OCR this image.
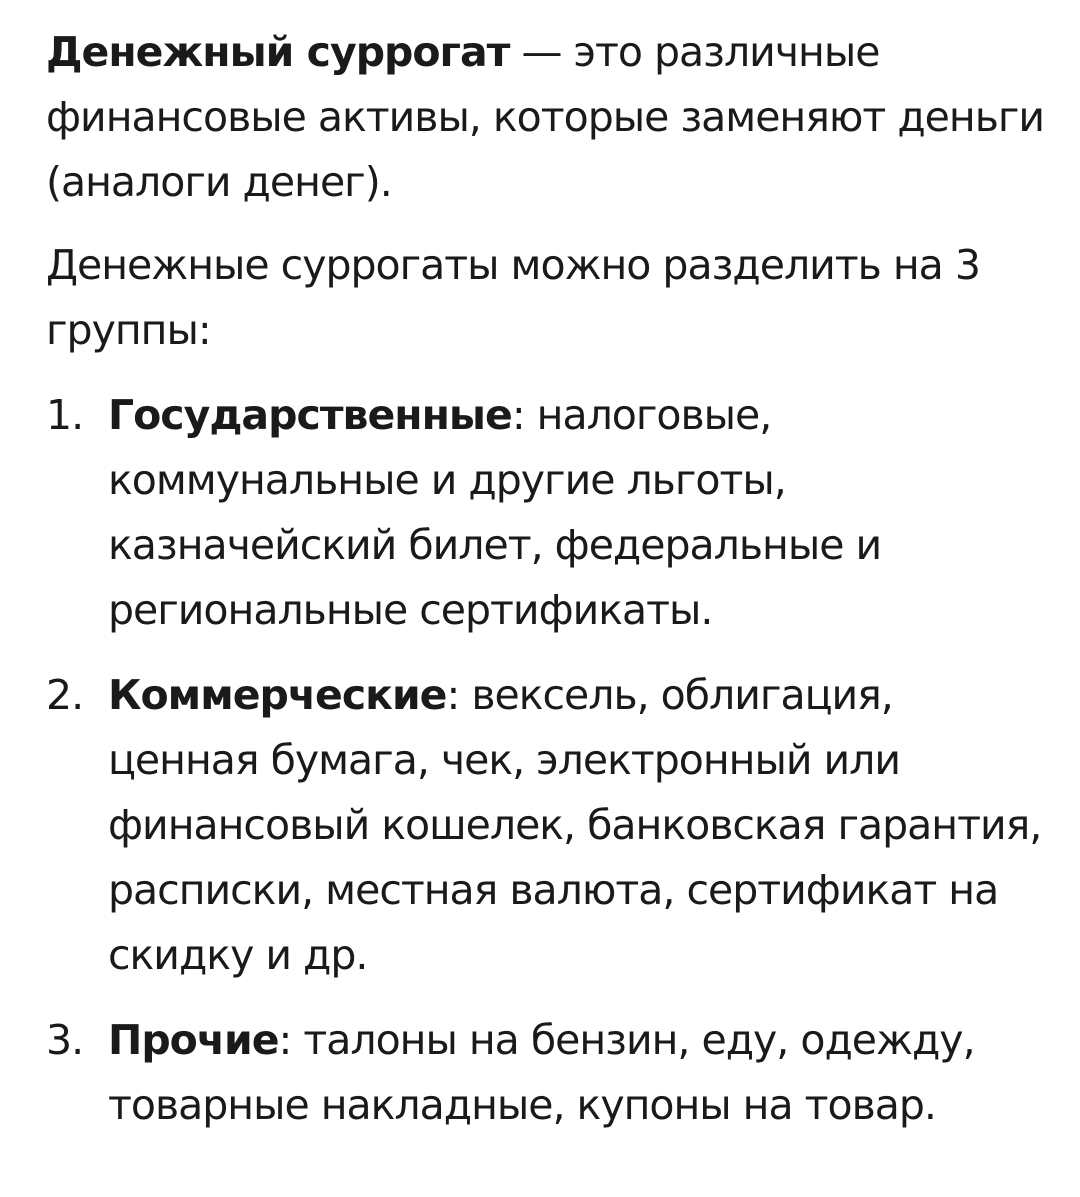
Денежный суррогат — это различные финансовые активы, которые заменяют деньги (аналоги денег).

Денежные суррогаты можно разделить на 3 группы:

1. Государственные: налоговые, коммунальные и другие льготы, казначейский билет, федеральные и региональные сертификаты.
2. Коммерческие: вексель, облигация, ценная бумага, чек, электронный или финансовый кошелек, банковская гарантия, расписки, местная валюта, сертификат на скидку и др.
3. Прочие: талоны на бензин, еду, одежду, товарные накладные, купоны на товар.
